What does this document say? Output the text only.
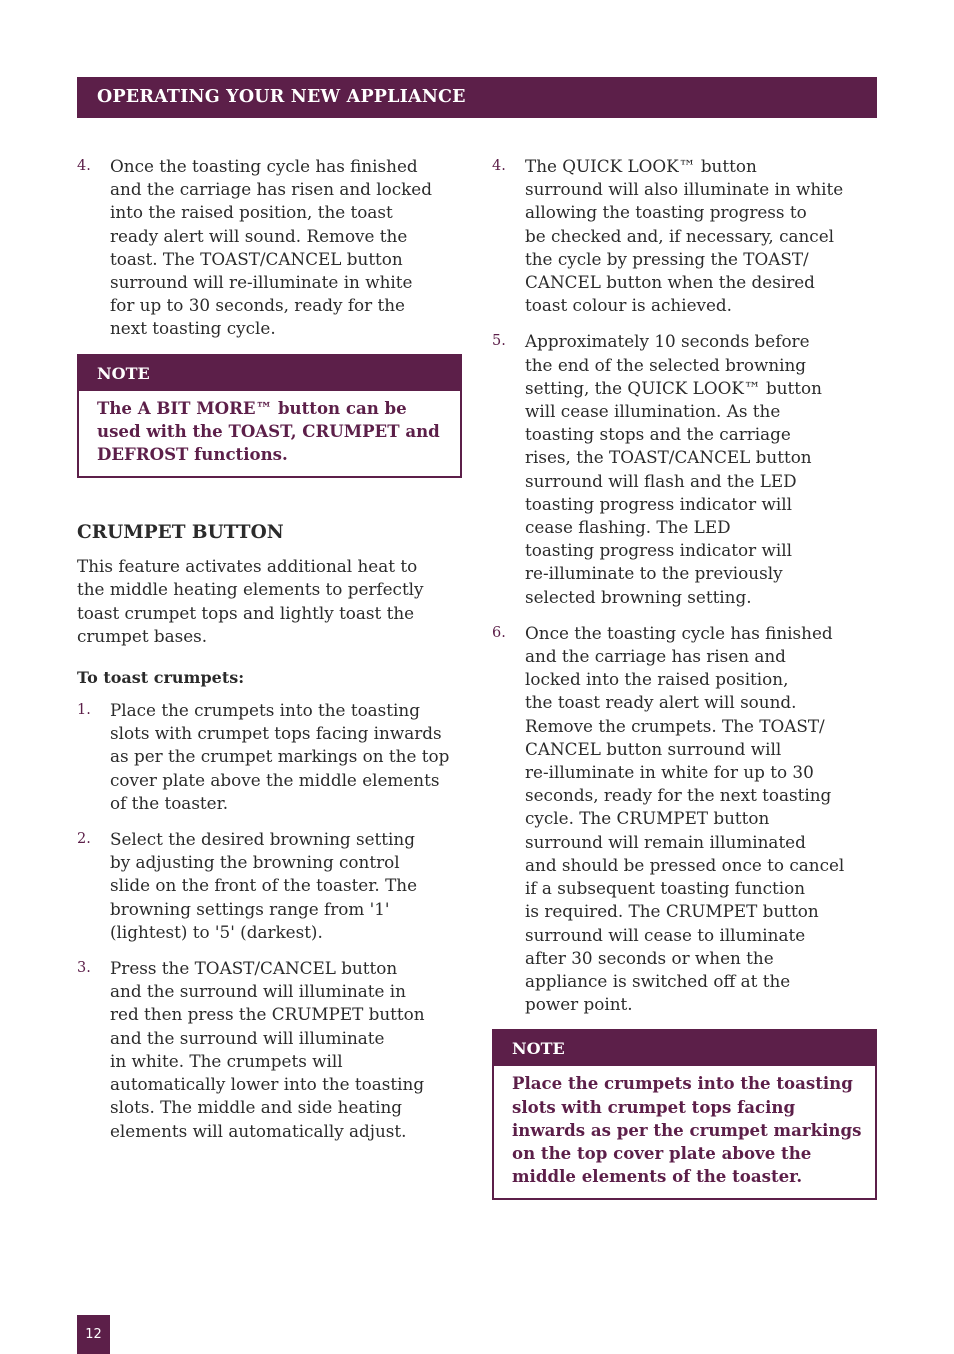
OPERATING YOUR NEW APPLIANCE
4.	Once the toasting cycle has finished
and the carriage has risen and locked
into the raised position, the toast
ready alert will sound. Remove the
toast. The TOAST/CANCEL button
surround will re-illuminate in white
for up to 30 seconds, ready for the
next toasting cycle.
NOTE
The A BIT MORE™ button can be
used with the TOAST, CRUMPET and
DEFROST functions.
CRUMPET BUTTON

This feature activates additional heat to
the middle heating elements to perfectly
toast crumpet tops and lightly toast the
crumpet bases.

To toast crumpets:
1.	Place the crumpets into the toasting
slots with crumpet tops facing inwards
as per the crumpet markings on the top
cover plate above the middle elements
of the toaster.
2.	Select the desired browning setting
by adjusting the browning control
slide on the front of the toaster. The
browning settings range from '1'
(lightest) to '5' (darkest).
3.	Press the TOAST/CANCEL button
and the surround will illuminate in
red then press the CRUMPET button
and the surround will illuminate
in white. The crumpets will
automatically lower into the toasting
slots. The middle and side heating
elements will automatically adjust.
4.	The QUICK LOOK™ button
surround will also illuminate in white
allowing the toasting progress to
be checked and, if necessary, cancel
the cycle by pressing the TOAST/
CANCEL button when the desired
toast colour is achieved.
5.	Approximately 10 seconds before
the end of the selected browning
setting, the QUICK LOOK™ button
will cease illumination. As the
toasting stops and the carriage
rises, the TOAST/CANCEL button
surround will flash and the LED
toasting progress indicator will
cease flashing. The LED
toasting progress indicator will
re-illuminate to the previously
selected browning setting.
6.	Once the toasting cycle has finished
and the carriage has risen and
locked into the raised position,
the toast ready alert will sound.
Remove the crumpets. The TOAST/
CANCEL button surround will
re-illuminate in white for up to 30
seconds, ready for the next toasting
cycle. The CRUMPET button
surround will remain illuminated
and should be pressed once to cancel
if a subsequent toasting function
is required. The CRUMPET button
surround will cease to illuminate
after 30 seconds or when the
appliance is switched off at the
power point.
NOTE
Place the crumpets into the toasting
slots with crumpet tops facing
inwards as per the crumpet markings
on the top cover plate above the
middle elements of the toaster.
12
